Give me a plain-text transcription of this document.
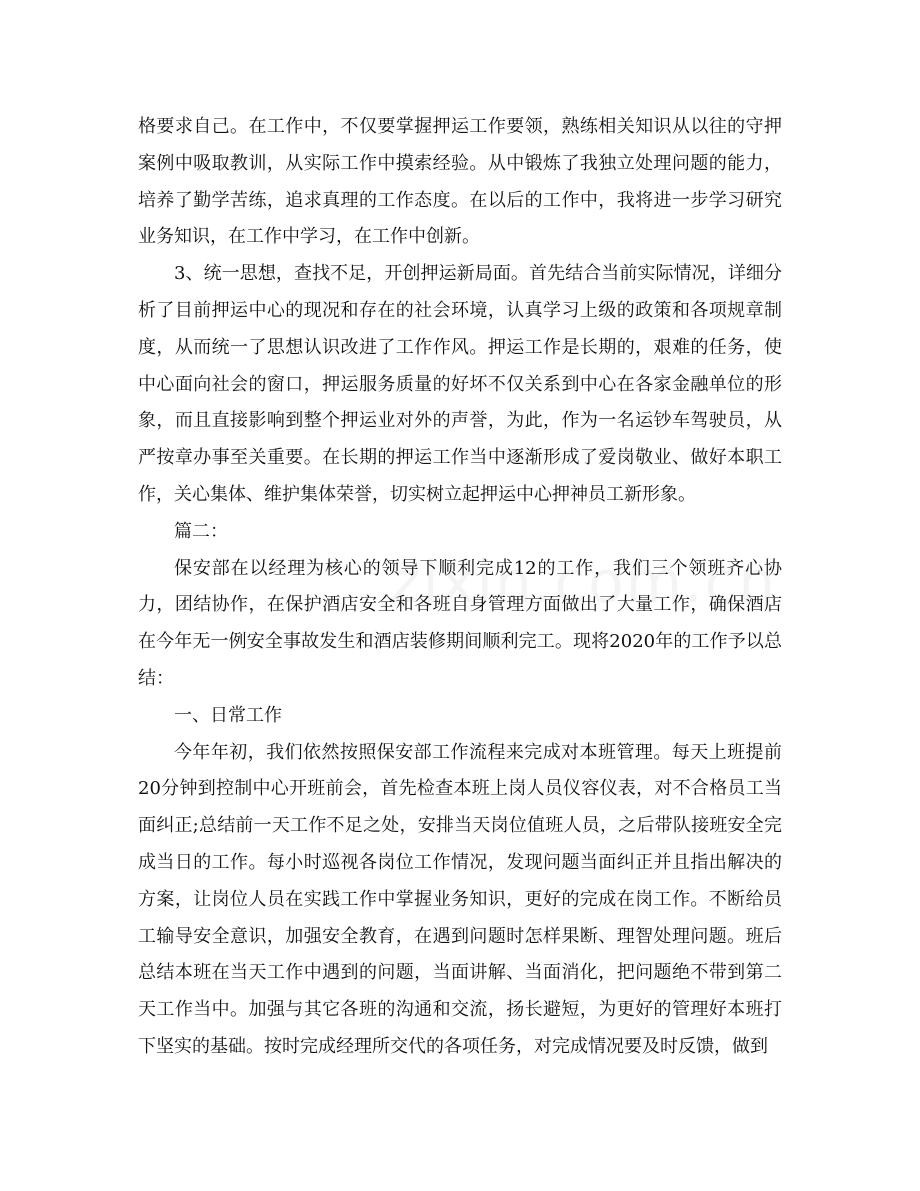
格要求自己。在工作中，不仅要掌握押运工作要领，熟练相关知识从以往的守押案例中吸取教训，从实际工作中摸索经验。从中锻炼了我独立处理问题的能力，培养了勤学苦练，追求真理的工作态度。在以后的工作中，我将进一步学习研究业务知识，在工作中学习，在工作中创新。

3、统一思想，查找不足，开创押运新局面。首先结合当前实际情况，详细分析了目前押运中心的现况和存在的社会环境，认真学习上级的政策和各项规章制度，从而统一了思想认识改进了工作作风。押运工作是长期的，艰难的任务，使中心面向社会的窗口，押运服务质量的好坏不仅关系到中心在各家金融单位的形象，而且直接影响到整个押运业对外的声誉，为此，作为一名运钞车驾驶员，从严按章办事至关重要。在长期的押运工作当中逐渐形成了爱岗敬业、做好本职工作，关心集体、维护集体荣誉，切实树立起押运中心押神员工新形象。

篇二：

保安部在以经理为核心的领导下顺利完成12的工作，我们三个领班齐心协力，团结协作，在保护酒店安全和各班自身管理方面做出了大量工作，确保酒店在今年无一例安全事故发生和酒店装修期间顺利完工。现将2020年的工作予以总结：

一、日常工作

今年年初，我们依然按照保安部工作流程来完成对本班管理。每天上班提前20分钟到控制中心开班前会，首先检查本班上岗人员仪容仪表，对不合格员工当面纠正;总结前一天工作不足之处，安排当天岗位值班人员，之后带队接班安全完成当日的工作。每小时巡视各岗位工作情况，发现问题当面纠正并且指出解决的方案，让岗位人员在实践工作中掌握业务知识，更好的完成在岗工作。不断给员工输导安全意识，加强安全教育，在遇到问题时怎样果断、理智处理问题。班后总结本班在当天工作中遇到的问题，当面讲解、当面消化，把问题绝不带到第二天工作当中。加强与其它各班的沟通和交流，扬长避短，为更好的管理好本班打下坚实的基础。按时完成经理所交代的各项任务，对完成情况要及时反馈，做到
